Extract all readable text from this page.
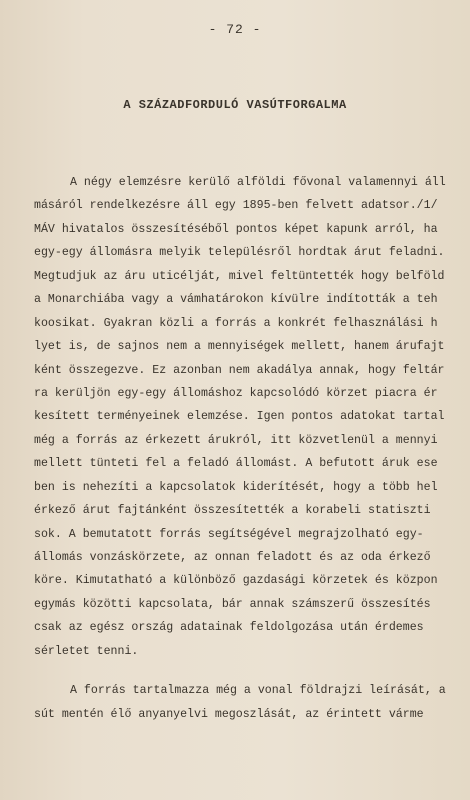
- 72 -
A SZÁZADFORDULÓ VASÚTFORGALMA
A négy elemzésre kerülő alföldi fővonal valamennyi áll
másáról rendelkezésre áll egy 1895-ben felvett adatsor./1/
MÁV hivatalos összesítéséből pontos képet kapunk arról, ha
egy-egy állomásra melyik településről hordtak árut feladni.
Megtudjuk az áru uticélját, mivel feltüntették hogy belföld
a Monarchiába vagy a vámhatárokon kívülre indították a teh
koosikat. Gyakran közli a forrás a konkrét felhasználási h
lyet is, de sajnos nem a mennyiségek mellett, hanem árufajt
ként összegezve. Ez azonban nem akadálya annak, hogy feltár
ra kerüljön egy-egy állomáshoz kapcsolódó körzet piacra ér
kesített terményeinek elemzése. Igen pontos adatokat tartal
még a forrás az érkezett árukról, itt közvetlenül a mennyi
mellett tünteti fel a feladó állomást. A befutott áruk ese
ben is nehezíti a kapcsolatok kiderítését, hogy a több hel
érkező árut fajtánként összesítették a korabeli statiszti
sok. A bemutatott forrás segítségével megrajzolható egy-
állomás vonzáskörzete, az onnan feladott és az oda érkező
köre. Kimutatható a különböző gazdasági körzetek és közpon
egymás közötti kapcsolata, bár annak számszerű összesítés
csak az egész ország adatainak feldolgozása után érdemes
sérletet tenni.
A forrás tartalmazza még a vonal földrajzi leírását, a
sút mentén élő anyanyelvi megoszlását, az érintett várme
